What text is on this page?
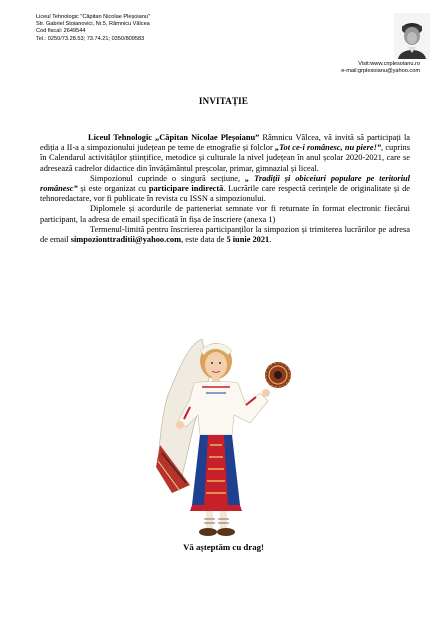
Liceul Tehnologic "Căpitan Nicolae Pleșoianu"
Str. Gabriel Stoianovici, Nr.5, Râmnicu Vâlcea
Cod fiscal: 2649544
Tel.: 0250/73.28.53; 73.74.21; 0350/809583
Visit:www.cnplesoianu.ro
e-mail:grplesoianu@yahoo.com
INVITAȚIE

Liceul Tehnologic „Căpitan Nicolae Pleșoianu” Râmnicu Vâlcea, vă invită să participați la ediția a II-a a simpozionului județean pe teme de etnografie și folclor „Tot ce-i românesc, nu piere!”, cuprins în Calendarul activităților științifice, metodice și culturale la nivel județean în anul școlar 2020-2021, care se adresează cadrelor didactice din învățământul preșcolar, primar, gimnazial și liceal.

Simpozionul cuprinde o singură secțiune, „ Tradiții și obiceiuri populare pe teritoriul românesc” și este organizat cu participare indirectă. Lucrările care respectă cerințele de originalitate și de tehnoredactare, vor fi publicate în revista cu ISSN a simpozionului.

Diplomele și acordurile de parteneriat semnate vor fi returnate în format electronic fiecărui participant, la adresa de email specificată în fișa de înscriere (anexa 1)

Termenul-limită pentru înscrierea participanților la simpozion și trimiterea lucrărilor pe adresa de email simpozionttraditii@yahoo.com, este data de 5 iunie 2021.

Vă așteptăm cu drag!
